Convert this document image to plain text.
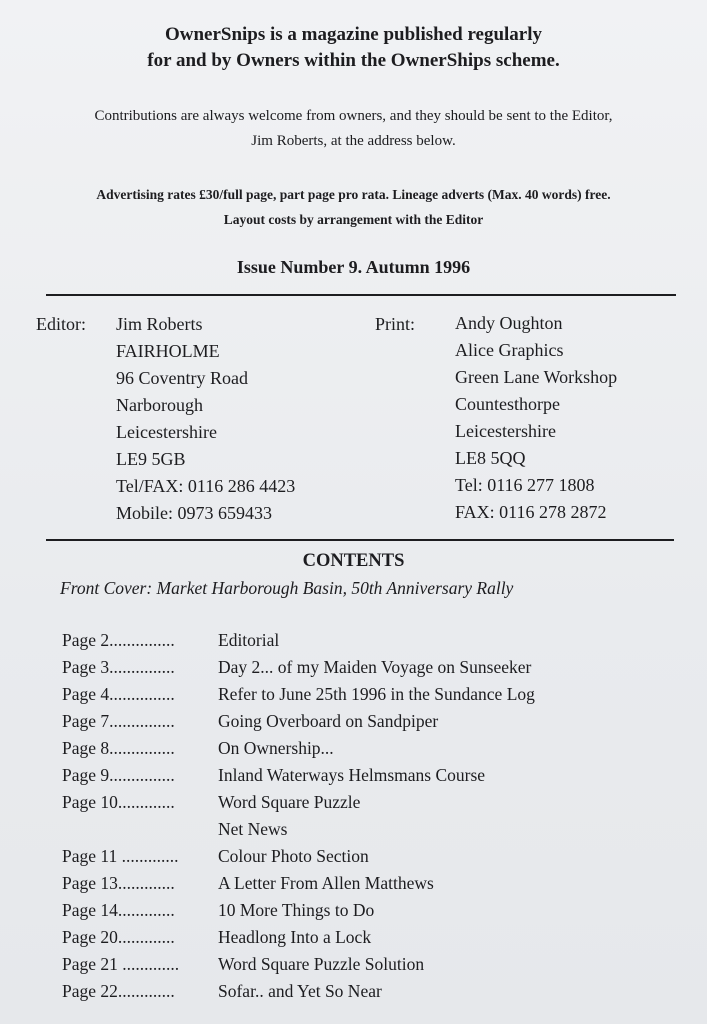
OwnerSnips is a magazine published regularly
for and by Owners within the OwnerShips scheme.
Contributions are always welcome from owners, and they should be sent to the Editor,
Jim Roberts, at the address below.
Advertising rates £30/full page, part page pro rata. Lineage adverts (Max. 40 words) free.
Layout costs by arrangement with the Editor
Issue Number 9. Autumn 1996
Editor: Jim Roberts
FAIRHOLME
96 Coventry Road
Narborough
Leicestershire
LE9 5GB
Tel/FAX: 0116 286 4423
Mobile: 0973 659433
Print: Andy Oughton
Alice Graphics
Green Lane Workshop
Countesthorpe
Leicestershire
LE8 5QQ
Tel: 0116 277 1808
FAX: 0116 278 2872
CONTENTS
Front Cover: Market Harborough Basin, 50th Anniversary Rally
Page 2............... Editorial
Page 3............... Day 2... of my Maiden Voyage on Sunseeker
Page 4............... Refer to June 25th 1996 in the Sundance Log
Page 7............... Going Overboard on Sandpiper
Page 8............... On Ownership...
Page 9............... Inland Waterways Helmsmans Course
Page 10............. Word Square Puzzle
Net News
Page 11 ............. Colour Photo Section
Page 13............. A Letter From Allen Matthews
Page 14............. 10 More Things to Do
Page 20............. Headlong Into a Lock
Page 21 ............. Word Square Puzzle Solution
Page 22............. Sofar.. and Yet So Near
